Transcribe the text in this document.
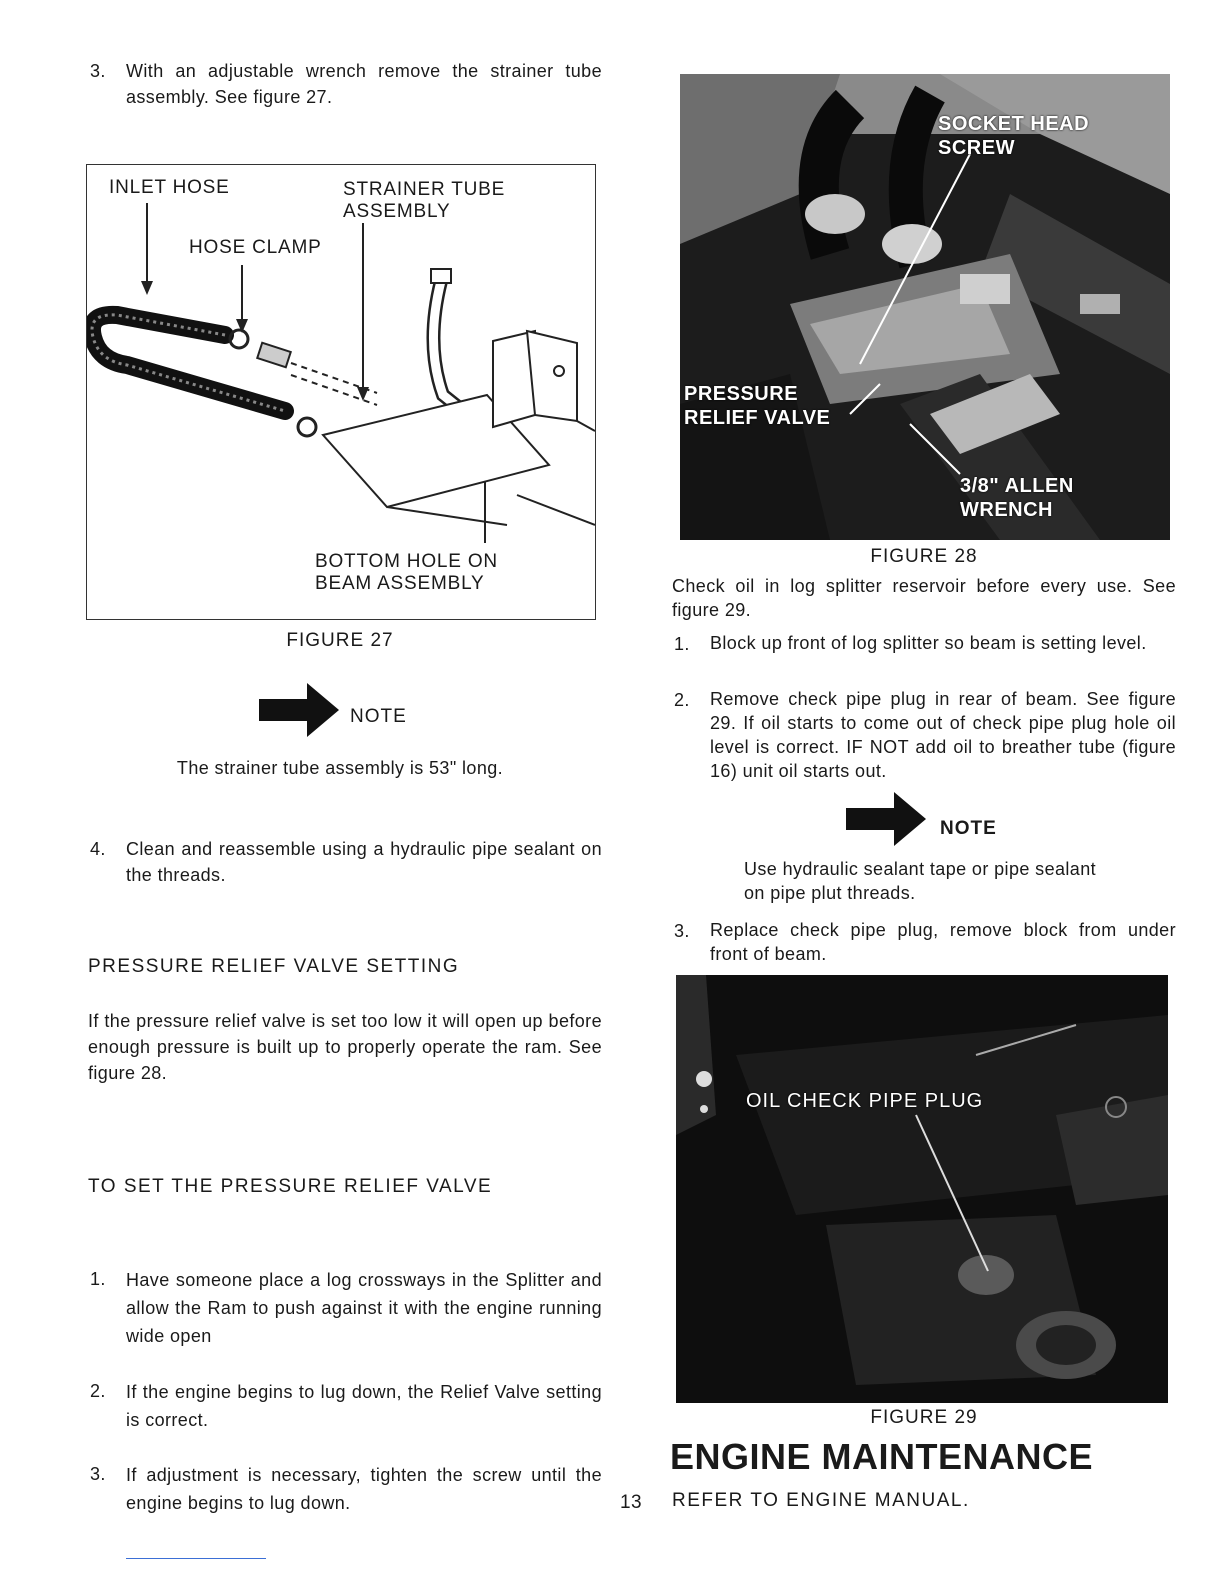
3. With an adjustable wrench remove the strainer tube assembly. See figure 27.
INLET HOSE	STRAINER TUBE
ASSEMBLY
HOSE CLAMP
BOTTOM HOLE ON
BEAM ASSEMBLY
FIGURE 27
NOTE
The strainer tube assembly is 53" long.
4. Clean and reassemble using a hydraulic pipe sealant on the threads.
PRESSURE RELIEF VALVE SETTING
If the pressure relief valve is set too low it will open up before enough pressure is built up to properly operate the ram. See figure 28.
TO SET THE PRESSURE RELIEF VALVE
1. Have someone place a log crossways in the Splitter and allow the Ram to push against it with the engine running wide open
2. If the engine begins to lug down, the Relief Valve setting is correct.
3. If adjustment is necessary, tighten the screw until the engine begins to lug down.
SOCKET HEAD
SCREW
PRESSURE
RELIEF VALVE
3/8" ALLEN
WRENCH
FIGURE 28
Check oil in log splitter reservoir before every use. See figure 29.
1. Block up front of log splitter so beam is setting level.
2. Remove check pipe plug in rear of beam. See figure 29. If oil starts to come out of check pipe plug hole oil level is correct. IF NOT add oil to breather tube (figure 16) unit oil starts out.
NOTE
Use hydraulic sealant tape or pipe sealant on pipe plut threads.
3. Replace check pipe plug, remove block from under front of beam.
OIL CHECK PIPE PLUG
FIGURE 29
ENGINE MAINTENANCE
REFER TO ENGINE MANUAL.
13
